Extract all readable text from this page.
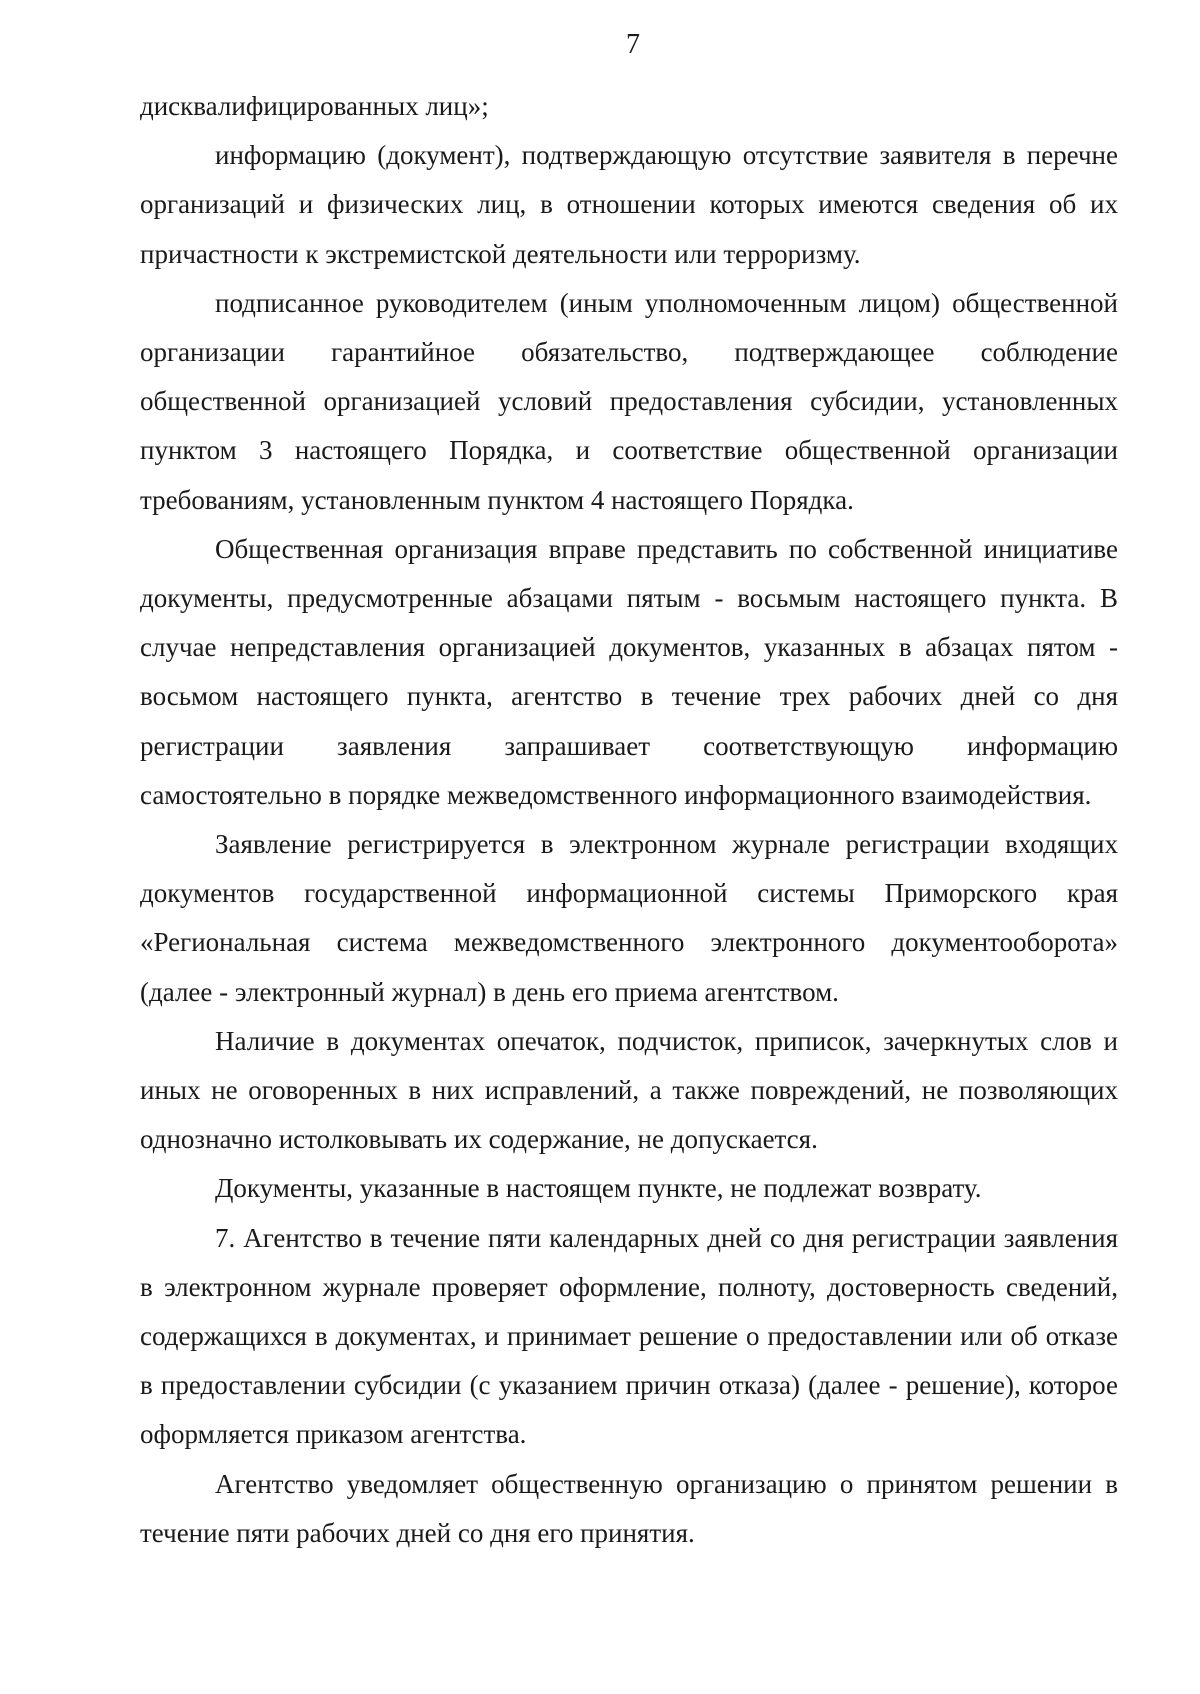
7

дисквалифицированных лиц»;

информацию (документ), подтверждающую отсутствие заявителя в перечне организаций и физических лиц, в отношении которых имеются сведения об их причастности к экстремистской деятельности или терроризму.

подписанное руководителем (иным уполномоченным лицом) общественной организации гарантийное обязательство, подтверждающее соблюдение общественной организацией условий предоставления субсидии, установленных пунктом 3 настоящего Порядка, и соответствие общественной организации требованиям, установленным пунктом 4 настоящего Порядка.

Общественная организация вправе представить по собственной инициативе документы, предусмотренные абзацами пятым - восьмым настоящего пункта. В случае непредставления организацией документов, указанных в абзацах пятом - восьмом настоящего пункта, агентство в течение трех рабочих дней со дня регистрации заявления запрашивает соответствующую информацию самостоятельно в порядке межведомственного информационного взаимодействия.

Заявление регистрируется в электронном журнале регистрации входящих документов государственной информационной системы Приморского края «Региональная система межведомственного электронного документооборота» (далее - электронный журнал) в день его приема агентством.

Наличие в документах опечаток, подчисток, приписок, зачеркнутых слов и иных не оговоренных в них исправлений, а также повреждений, не позволяющих однозначно истолковывать их содержание, не допускается.

Документы, указанные в настоящем пункте, не подлежат возврату.

7. Агентство в течение пяти календарных дней со дня регистрации заявления в электронном журнале проверяет оформление, полноту, достоверность сведений, содержащихся в документах, и принимает решение о предоставлении или об отказе в предоставлении субсидии (с указанием причин отказа) (далее - решение), которое оформляется приказом агентства.

Агентство уведомляет общественную организацию о принятом решении в течение пяти рабочих дней со дня его принятия.
